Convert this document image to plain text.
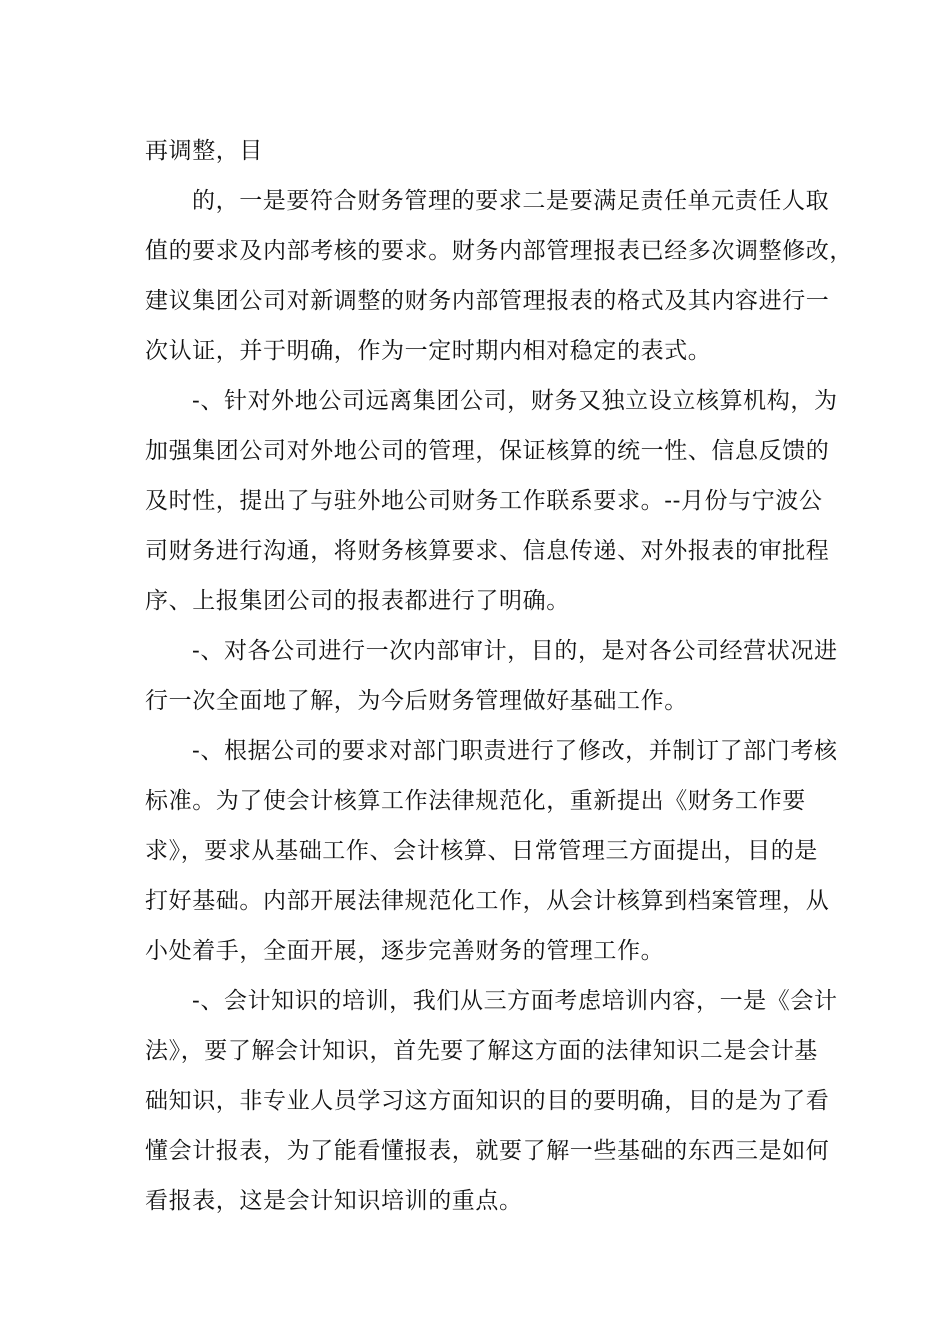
再调整，目
的，一是要符合财务管理的要求二是要满足责任单元责任人取
值的要求及内部考核的要求。财务内部管理报表已经多次调整修改，
建议集团公司对新调整的财务内部管理报表的格式及其内容进行一
次认证，并于明确，作为一定时期内相对稳定的表式。
-、针对外地公司远离集团公司，财务又独立设立核算机构，为
加强集团公司对外地公司的管理，保证核算的统一性、信息反馈的
及时性，提出了与驻外地公司财务工作联系要求。--月份与宁波公
司财务进行沟通，将财务核算要求、信息传递、对外报表的审批程
序、上报集团公司的报表都进行了明确。
-、对各公司进行一次内部审计，目的，是对各公司经营状况进
行一次全面地了解，为今后财务管理做好基础工作。
-、根据公司的要求对部门职责进行了修改，并制订了部门考核
标准。为了使会计核算工作法律规范化，重新提出《财务工作要
求》，要求从基础工作、会计核算、日常管理三方面提出，目的是
打好基础。内部开展法律规范化工作，从会计核算到档案管理，从
小处着手，全面开展，逐步完善财务的管理工作。
-、会计知识的培训，我们从三方面考虑培训内容，一是《会计
法》，要了解会计知识，首先要了解这方面的法律知识二是会计基
础知识，非专业人员学习这方面知识的目的要明确，目的是为了看
懂会计报表，为了能看懂报表，就要了解一些基础的东西三是如何
看报表，这是会计知识培训的重点。
